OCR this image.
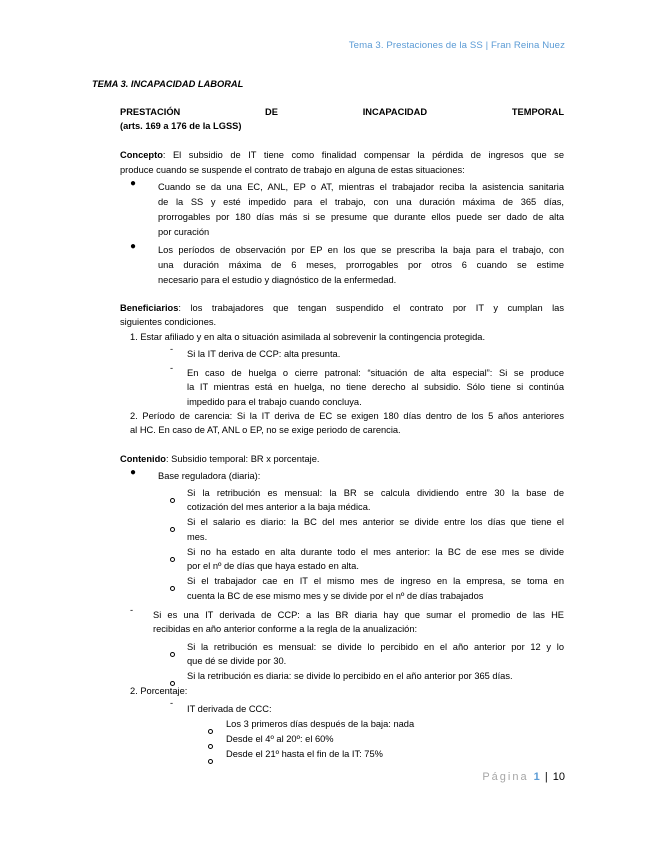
Tema 3. Prestaciones de la SS | Fran Reina Nuez
TEMA 3. INCAPACIDAD LABORAL
PRESTACIÓN	DE	INCAPACIDAD	TEMPORAL
(arts. 169 a 176 de la LGSS)
Concepto: El subsidio de IT tiene como finalidad compensar la pérdida de ingresos que se
produce cuando se suspende el contrato de trabajo en alguna de estas situaciones:
● Cuando se da una EC, ANL, EP o AT, mientras el trabajador reciba la asistencia sanitaria
de la SS y esté impedido para el trabajo, con una duración máxima de 365 días,
prorrogables por 180 días más si se presume que durante ellos puede ser dado de alta
por curación
● Los períodos de observación por EP en los que se prescriba la baja para el trabajo, con
una duración máxima de 6 meses, prorrogables por otros 6 cuando se estime
necesario para el estudio y diagnóstico de la enfermedad.
Beneficiarios: los trabajadores que tengan suspendido el contrato por IT y cumplan las
siguientes condiciones.
1. Estar afiliado y en alta o situación asimilada al sobrevenir la contingencia protegida.
- Si la IT deriva de CCP: alta presunta.
- En caso de huelga o cierre patronal: “situación de alta especial”: Si se produce
la IT mientras está en huelga, no tiene derecho al subsidio. Sólo tiene si continúa
impedido para el trabajo cuando concluya.
2. Período de carencia: Si la IT deriva de EC se exigen 180 días dentro de los 5 años anteriores
al HC. En caso de AT, ANL o EP, no se exige periodo de carencia.
Contenido: Subsidio temporal: BR x porcentaje.
● Base reguladora (diaria):
Si la retribución es mensual: la BR se calcula dividiendo entre 30 la base de
cotización del mes anterior a la baja médica.
Si el salario es diario: la BC del mes anterior se divide entre los días que tiene el
mes.
Si no ha estado en alta durante todo el mes anterior: la BC de ese mes se divide
por el nº de días que haya estado en alta.
Si el trabajador cae en IT el mismo mes de ingreso en la empresa, se toma en
cuenta la BC de ese mismo mes y se divide por el nº de días trabajados
- Si es una IT derivada de CCP: a las BR diaria hay que sumar el promedio de las HE
recibidas en año anterior conforme a la regla de la anualización:
Si la retribución es mensual: se divide lo percibido en el año anterior por 12 y lo
que dé se divide por 30.
Si la retribución es diaria: se divide lo percibido en el año anterior por 365 días.
2. Porcentaje:
-
IT derivada de CCC:
Los 3 primeros días después de la baja: nada
Desde el 4º al 20º: el 60%
Desde el 21º hasta el fin de la IT: 75%
Página 1 | 10
